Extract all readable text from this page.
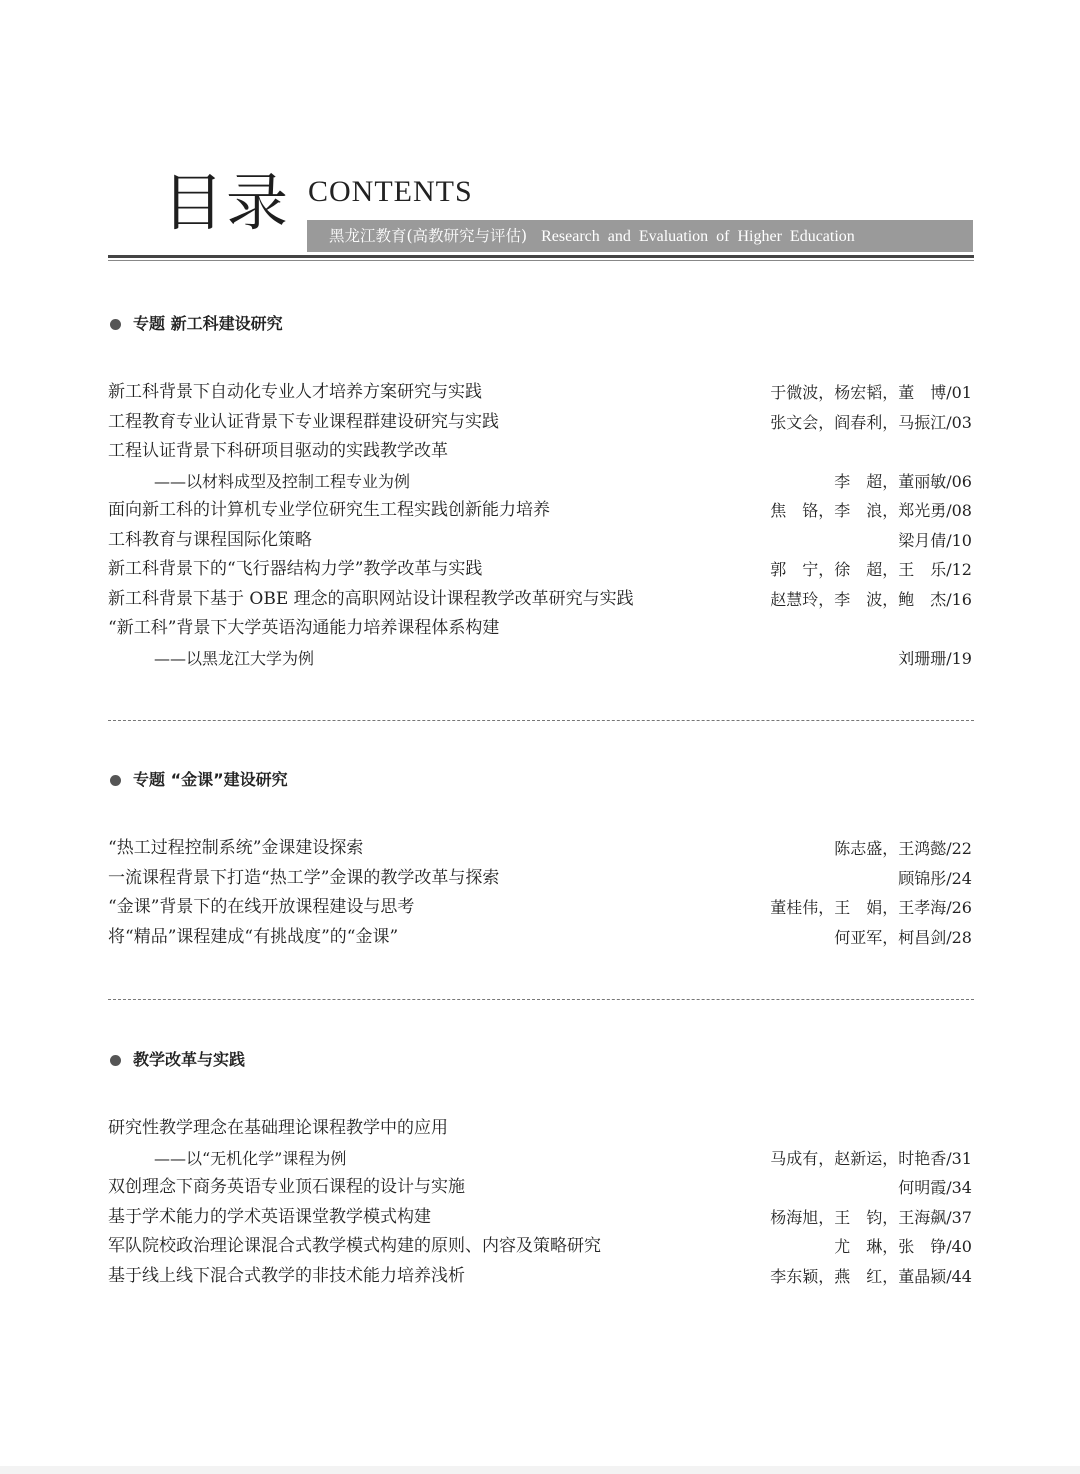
目录 CONTENTS
黑龙江教育(高教研究与评估) Research and Evaluation of Higher Education
专题 新工科建设研究
新工科背景下自动化专业人才培养方案研究与实践	于微波，杨宏韬，董　博/01
工程教育专业认证背景下专业课程群建设研究与实践	张文会，阎春利，马振江/03
工程认证背景下科研项目驱动的实践教学改革
——以材料成型及控制工程专业为例	李　超，董丽敏/06
面向新工科的计算机专业学位研究生工程实践创新能力培养	焦　铬，李　浪，郑光勇/08
工科教育与课程国际化策略	梁月倩/10
新工科背景下的“飞行器结构力学”教学改革与实践	郭　宁，徐　超，王　乐/12
新工科背景下基于 OBE 理念的高职网站设计课程教学改革研究与实践	赵慧玲，李　波，鲍　杰/16
“新工科”背景下大学英语沟通能力培养课程体系构建
——以黑龙江大学为例	刘珊珊/19
专题 “金课”建设研究
“热工过程控制系统”金课建设探索	陈志盛，王鸿懿/22
一流课程背景下打造“热工学”金课的教学改革与探索	顾锦彤/24
“金课”背景下的在线开放课程建设与思考	董桂伟，王　娟，王孝海/26
将“精品”课程建成“有挑战度”的“金课”	何亚军，柯昌剑/28
教学改革与实践
研究性教学理念在基础理论课程教学中的应用
——以“无机化学”课程为例	马成有，赵新运，时艳香/31
双创理念下商务英语专业顶石课程的设计与实施	何明霞/34
基于学术能力的学术英语课堂教学模式构建	杨海旭，王　钧，王海飙/37
军队院校政治理论课混合式教学模式构建的原则、内容及策略研究	尤　琳，张　铮/40
基于线上线下混合式教学的非技术能力培养浅析	李东颖，燕　红，董晶颍/44
